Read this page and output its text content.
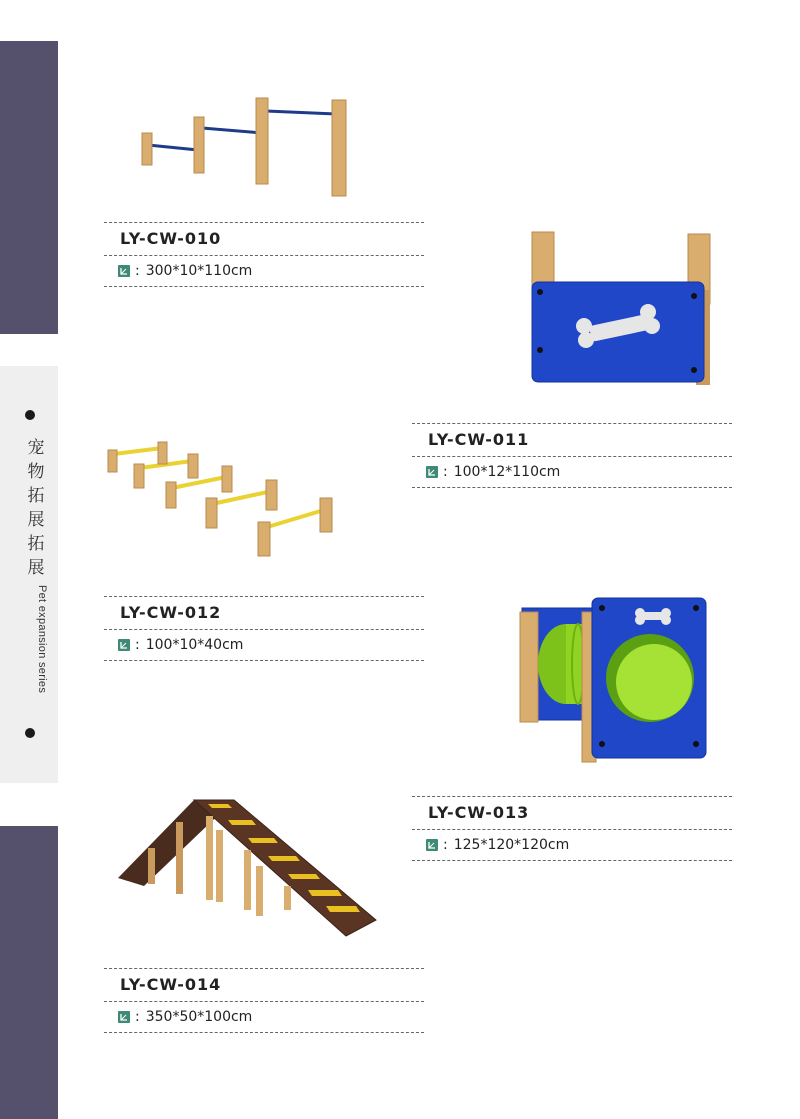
宠物拓展拓展
Pet expansion series
LY-CW-010
: 300*10*110cm
LY-CW-011
: 100*12*110cm
LY-CW-012
: 100*10*40cm
LY-CW-013
: 125*120*120cm
LY-CW-014
: 350*50*100cm
